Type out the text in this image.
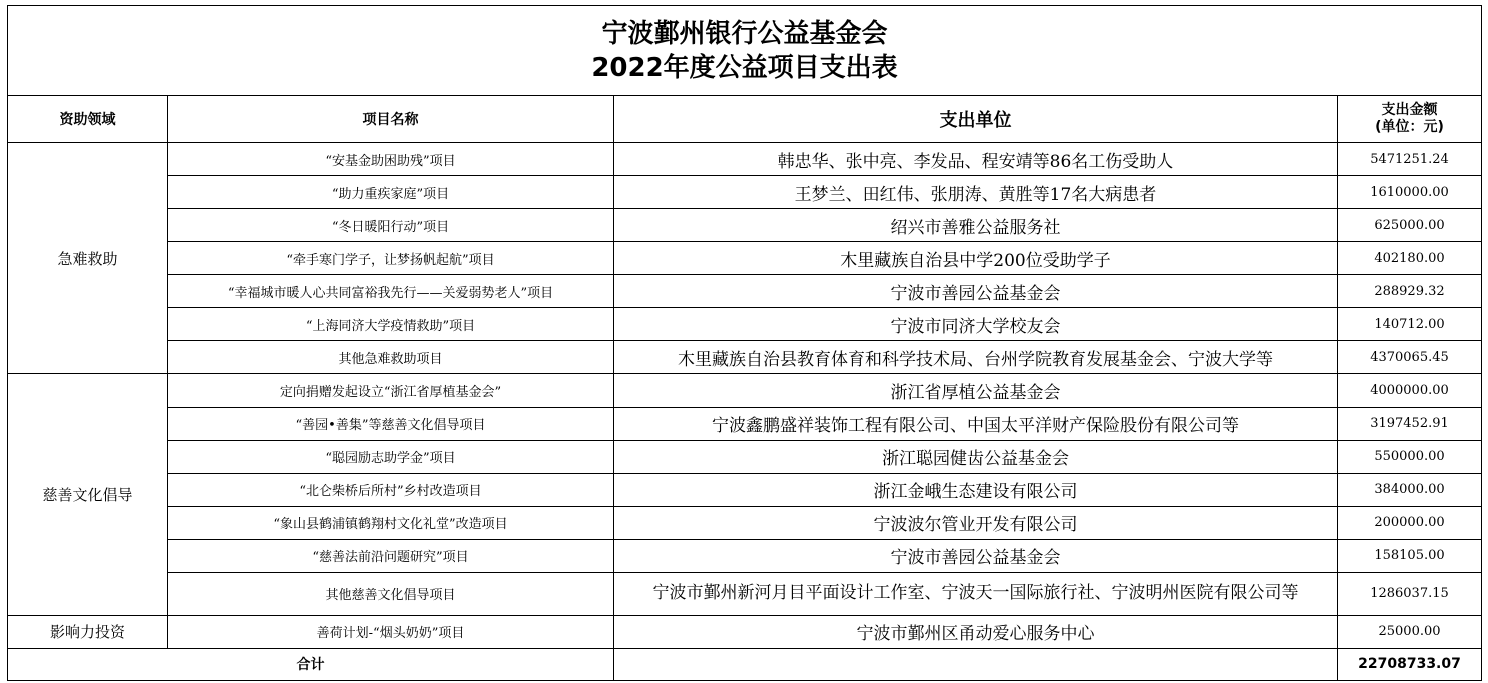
宁波鄞州银行公益基金会
2022年度公益项目支出表			

资助领域	项目名称	支出单位	支出金额
(单位：元)

急难救助	“安基金助困助残”项目	韩忠华、张中亮、李发品、程安靖等86名工伤受助人	5471251.24
	“助力重疾家庭”项目	王梦兰、田红伟、张朋涛、黄胜等17名大病患者	1610000.00
	“冬日暖阳行动”项目	绍兴市善雅公益服务社	625000.00
	“牵手寒门学子，让梦扬帆起航”项目	木里藏族自治县中学200位受助学子	402180.00
	“幸福城市暖人心共同富裕我先行——关爱弱势老人”项目	宁波市善园公益基金会	288929.32
	“上海同济大学疫情救助”项目	宁波市同济大学校友会	140712.00
	其他急难救助项目	木里藏族自治县教育体育和科学技术局、台州学院教育发展基金会、宁波大学等	4370065.45
慈善文化倡导	定向捐赠发起设立“浙江省厚植基金会”	浙江省厚植公益基金会	4000000.00
	“善园•善集”等慈善文化倡导项目	宁波鑫鹏盛祥装饰工程有限公司、中国太平洋财产保险股份有限公司等	3197452.91
	“聪园励志助学金”项目	浙江聪园健齿公益基金会	550000.00
	“北仑柴桥后所村”乡村改造项目	浙江金峨生态建设有限公司	384000.00
	“象山县鹤浦镇鹤翔村文化礼堂”改造项目	宁波波尔管业开发有限公司	200000.00
	“慈善法前沿问题研究”项目	宁波市善园公益基金会	158105.00
	其他慈善文化倡导项目	宁波市鄞州新河月目平面设计工作室、宁波天一国际旅行社、宁波明州医院有限公司等	1286037.15
影响力投资	善荷计划-“烟头奶奶”项目	宁波市鄞州区甬动爱心服务中心	25000.00
合计			22708733.07
